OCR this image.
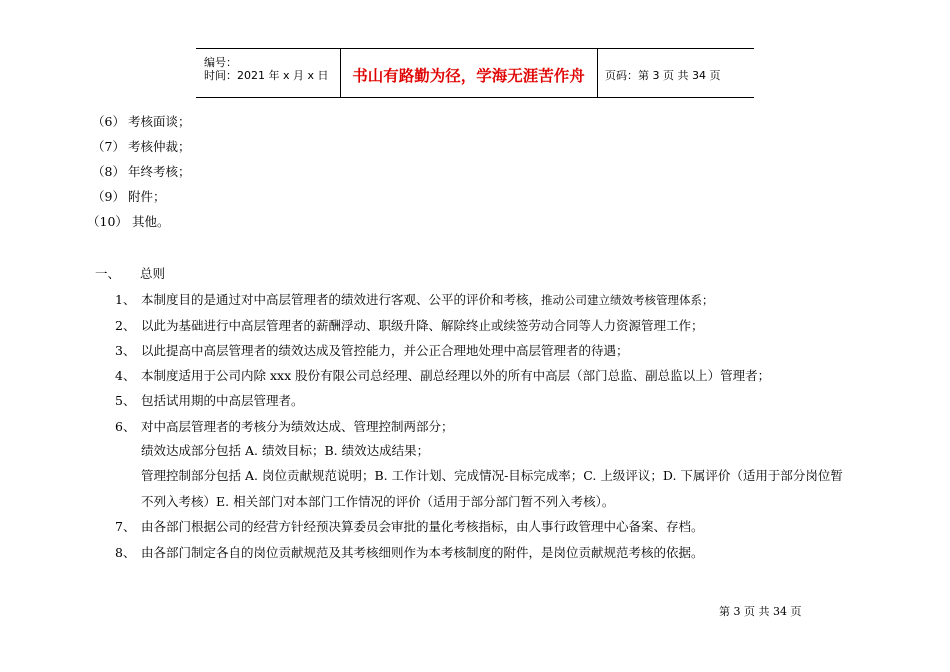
编号：
时间：2021 年 x 月 x 日	书山有路勤为径，学海无涯苦作舟	页码：第 3 页 共 34 页
（6） 考核面谈；
（7） 考核仲裁；
（8） 年终考核；
（9） 附件；
（10） 其他。
一、 总则
1、 本制度目的是通过对中高层管理者的绩效进行客观、公平的评价和考核，推动公司建立绩效考核管理体系；
2、 以此为基础进行中高层管理者的薪酬浮动、职级升降、解除终止或续签劳动合同等人力资源管理工作；
3、 以此提高中高层管理者的绩效达成及管控能力，并公正合理地处理中高层管理者的待遇；
4、 本制度适用于公司内除 xxx 股份有限公司总经理、副总经理以外的所有中高层（部门总监、副总监以上）管理者；
5、 包括试用期的中高层管理者。
6、 对中高层管理者的考核分为绩效达成、管理控制两部分；
绩效达成部分包括 A. 绩效目标；B. 绩效达成结果；
管理控制部分包括 A. 岗位贡献规范说明；B. 工作计划、完成情况-目标完成率；C. 上级评议；D. 下属评价（适用于部分岗位暂
不列入考核）E. 相关部门对本部门工作情况的评价（适用于部分部门暂不列入考核）。
7、 由各部门根据公司的经营方针经预决算委员会审批的量化考核指标，由人事行政管理中心备案、存档。
8、 由各部门制定各自的岗位贡献规范及其考核细则作为本考核制度的附件，是岗位贡献规范考核的依据。
第 3 页 共 34 页
